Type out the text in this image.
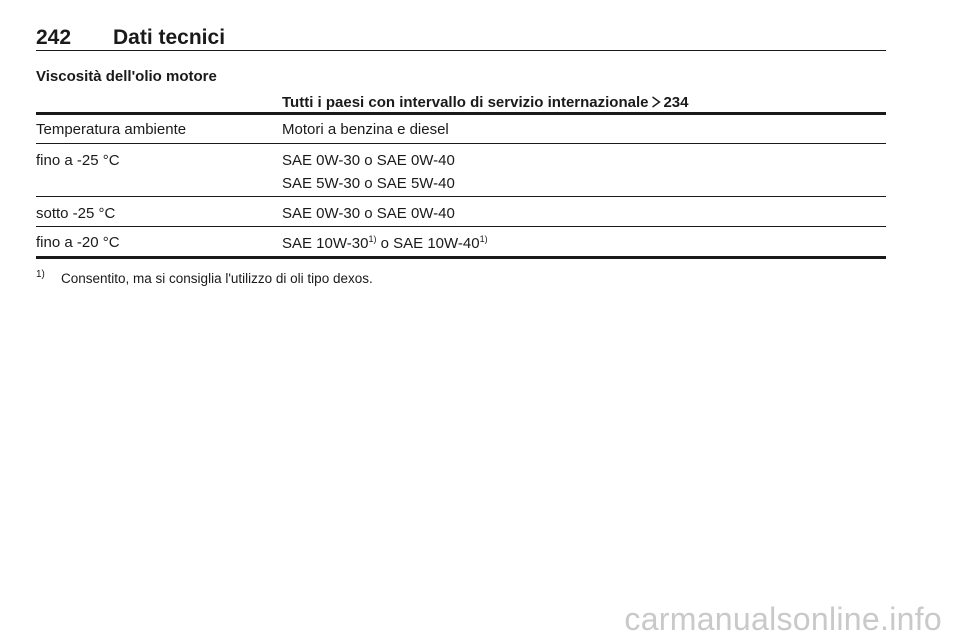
242 Dati tecnici
Viscosità dell'olio motore
Tutti i paesi con intervallo di servizio internazionale 234
Temperatura ambiente	Motori a benzina e diesel
fino a -25 °C	SAE 0W-30 o SAE 0W-40
SAE 5W-30 o SAE 5W-40
sotto -25 °C	SAE 0W-30 o SAE 0W-40
fino a -20 °C	SAE 10W-30$^{1)}$ o SAE 10W-40$^{1)}$
1) Consentito, ma si consiglia l'utilizzo di oli tipo dexos.
carmanualsonline.info
